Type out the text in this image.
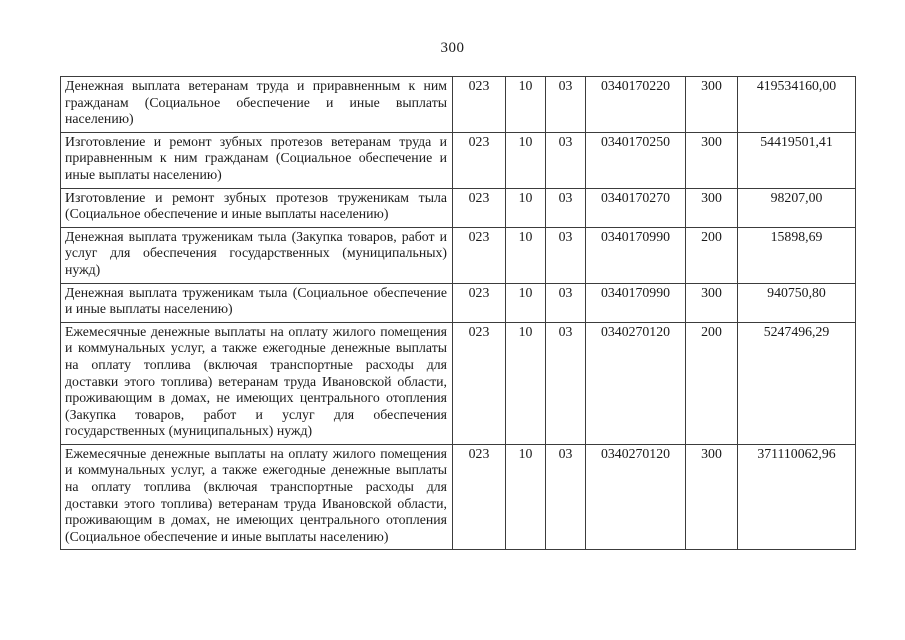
300
Денежная выплата ветеранам труда и приравненным к ним гражданам (Социальное обеспечение и иные выплаты населению)	023	10	03	0340170220	300	419534160,00
Изготовление и ремонт зубных протезов ветеранам труда и приравненным к ним гражданам (Социальное обеспечение и иные выплаты населению)	023	10	03	0340170250	300	54419501,41
Изготовление и ремонт зубных протезов труженикам тыла (Социальное обеспечение и иные выплаты населению)	023	10	03	0340170270	300	98207,00
Денежная выплата труженикам тыла (Закупка товаров, работ и услуг для обеспечения государственных (муниципальных) нужд)	023	10	03	0340170990	200	15898,69
Денежная выплата труженикам тыла (Социальное обеспечение и иные выплаты населению)	023	10	03	0340170990	300	940750,80
Ежемесячные денежные выплаты на оплату жилого помещения и коммунальных услуг, а также ежегодные денежные выплаты на оплату топлива (включая транспортные расходы для доставки этого топлива) ветеранам труда Ивановской области, проживающим в домах, не имеющих центрального отопления (Закупка товаров, работ и услуг для обеспечения государственных (муниципальных) нужд)	023	10	03	0340270120	200	5247496,29
Ежемесячные денежные выплаты на оплату жилого помещения и коммунальных услуг, а также ежегодные денежные выплаты на оплату топлива (включая транспортные расходы для доставки этого топлива) ветеранам труда Ивановской области, проживающим в домах, не имеющих центрального отопления (Социальное обеспечение и иные выплаты населению)	023	10	03	0340270120	300	371110062,96
